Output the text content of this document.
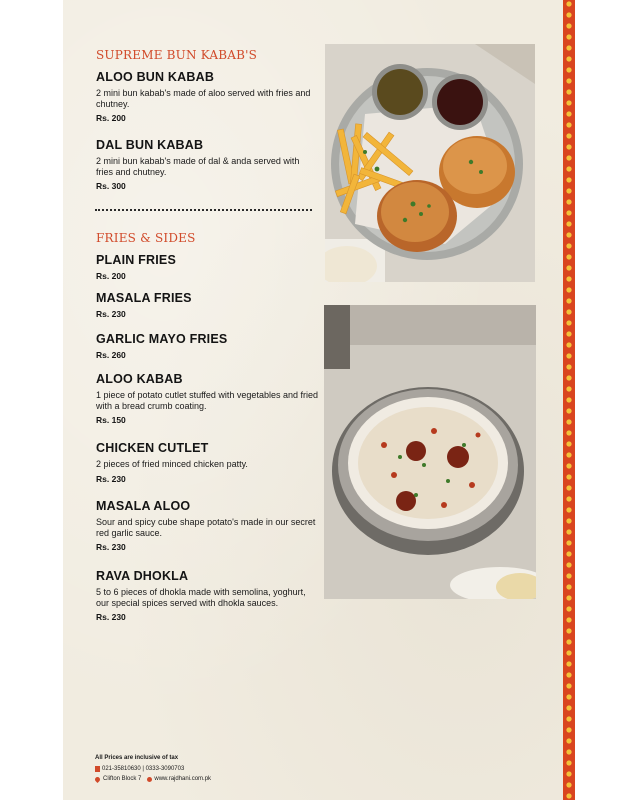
SUPREME BUN KABAB'S
ALOO BUN KABAB
2 mini bun kabab's made of aloo served with fries and chutney.
Rs. 200
DAL BUN KABAB
2 mini bun kabab's made of dal & anda served with fries and chutney.
Rs. 300
FRIES & SIDES
PLAIN FRIES
Rs. 200
MASALA FRIES
Rs. 230
GARLIC MAYO FRIES
Rs. 260
ALOO KABAB
1 piece of potato cutlet stuffed with vegetables and fried with a bread crumb coating.
Rs. 150
CHICKEN CUTLET
2 pieces of fried minced chicken patty.
Rs. 230
MASALA ALOO
Sour and spicy cube shape potato's made in our secret red garlic sauce.
Rs. 230
RAVA DHOKLA
5 to 6 pieces of dhokla made with semolina, yoghurt, our special spices served with dhokla sauces.
Rs. 230
All Prices are inclusive of tax
021-35810630 | 0333-3090703
Clifton Block 7 www.rajdhani.com.pk
